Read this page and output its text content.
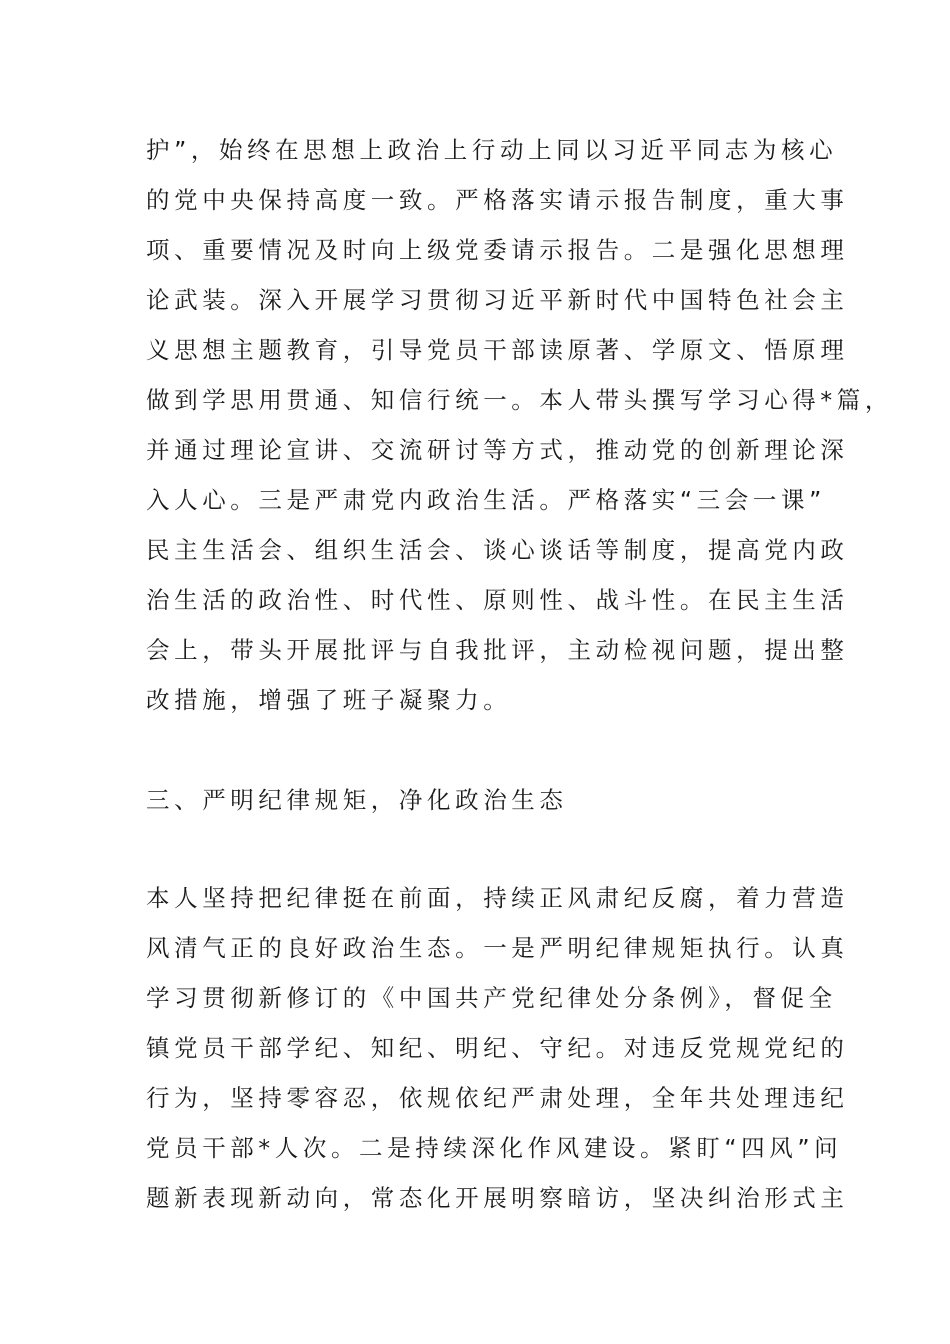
护”，始终在思想上政治上行动上同以习近平同志为核心
的党中央保持高度一致。严格落实请示报告制度，重大事
项、重要情况及时向上级党委请示报告。二是强化思想理
论武装。深入开展学习贯彻习近平新时代中国特色社会主
义思想主题教育，引导党员干部读原著、学原文、悟原理
做到学思用贯通、知信行统一。本人带头撰写学习心得*篇，
并通过理论宣讲、交流研讨等方式，推动党的创新理论深
入人心。三是严肃党内政治生活。严格落实“三会一课”
民主生活会、组织生活会、谈心谈话等制度，提高党内政
治生活的政治性、时代性、原则性、战斗性。在民主生活
会上，带头开展批评与自我批评，主动检视问题，提出整
改措施，增强了班子凝聚力。
三、严明纪律规矩，净化政治生态
本人坚持把纪律挺在前面，持续正风肃纪反腐，着力营造
风清气正的良好政治生态。一是严明纪律规矩执行。认真
学习贯彻新修订的《中国共产党纪律处分条例》，督促全
镇党员干部学纪、知纪、明纪、守纪。对违反党规党纪的
行为，坚持零容忍，依规依纪严肃处理，全年共处理违纪
党员干部*人次。二是持续深化作风建设。紧盯“四风”问
题新表现新动向，常态化开展明察暗访，坚决纠治形式主
